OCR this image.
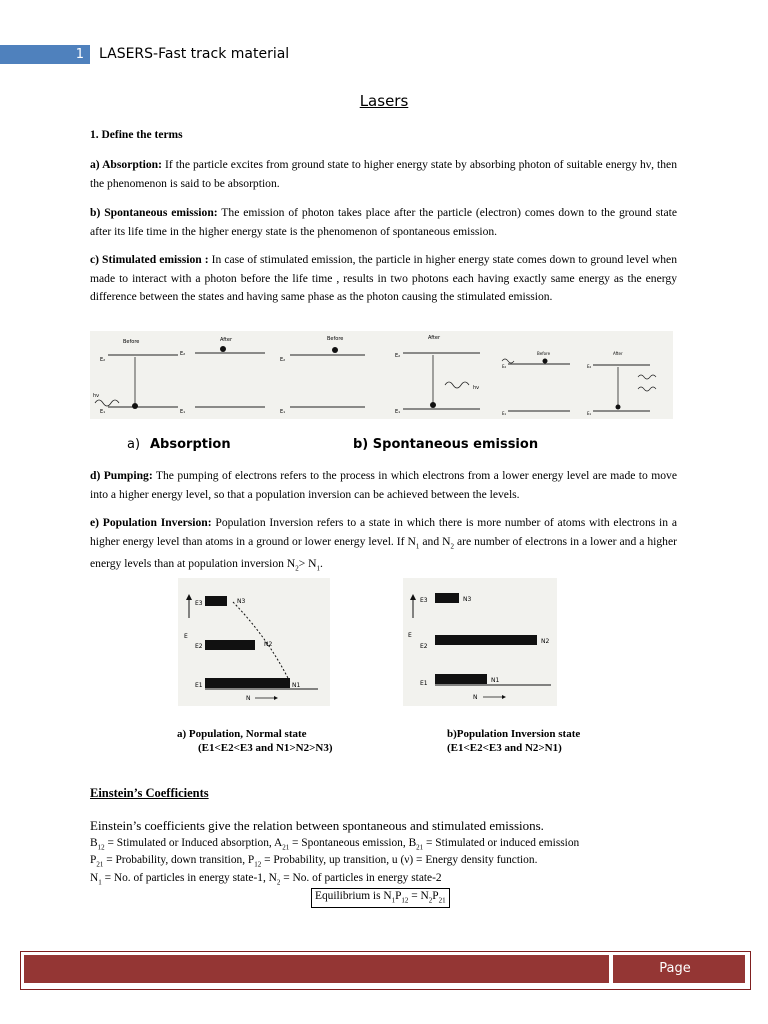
1 LASERS-Fast track material
Lasers
1. Define the terms
a) Absorption: If the particle excites from ground state to higher energy state by absorbing photon of suitable energy hν, then the phenomenon is said to be absorption.
b) Spontaneous emission: The emission of photon takes place after the particle (electron) comes down to the ground state after its life time in the higher energy state is the phenomenon of spontaneous emission.
c) Stimulated emission : In case of stimulated emission, the particle in higher energy state comes down to ground level when made to interact with a photon before the life time , results in two photons each having exactly same energy as the energy difference between the states and having same phase as the photon causing the stimulated emission.
Before
E₂
E₁
hν
After
E₂
E₁
Before
E₂
E₁
After
E₂
E₁
hν
Before
E₂
E₁
After
E₂
E₁
a) Absorption	b) Spontaneous emission
d) Pumping: The pumping of electrons refers to the process in which electrons from a lower energy level are made to move into a higher energy level, so that a population inversion can be achieved between the levels.
e) Population Inversion: Population Inversion refers to a state in which there is more number of atoms with electrons in a higher energy level than atoms in a ground or lower energy level. If $N_1$ and $N_2$ are number of electrons in a lower and a higher energy levels than at population inversion $N_2> N_1$.
E
E3	N3
E2	N2
E1	N1
N
E
E3	N3
E2
N2
E1	N1
N
a) Population, Normal state
(E1<E2<E3 and N1>N2>N3)
b)Population Inversion state
(E1<E2<E3 and N2>N1)
Einstein’s Coefficients
Einstein’s coefficients give the relation between spontaneous and stimulated emissions.
$B_{12}$ = Stimulated or Induced absorption, $A_{21}$ = Spontaneous emission, $B_{21}$ = Stimulated or induced emission
$P_{21}$ = Probability, down transition, $P_{12}$ = Probability, up transition, u (ν) = Energy density function.
$N_1 = No$. of particles in energy state-1, $N_2 = No$. of particles in energy state-2
Equilibrium is $N_1P_{12} = N_2P_{21}$
Page
